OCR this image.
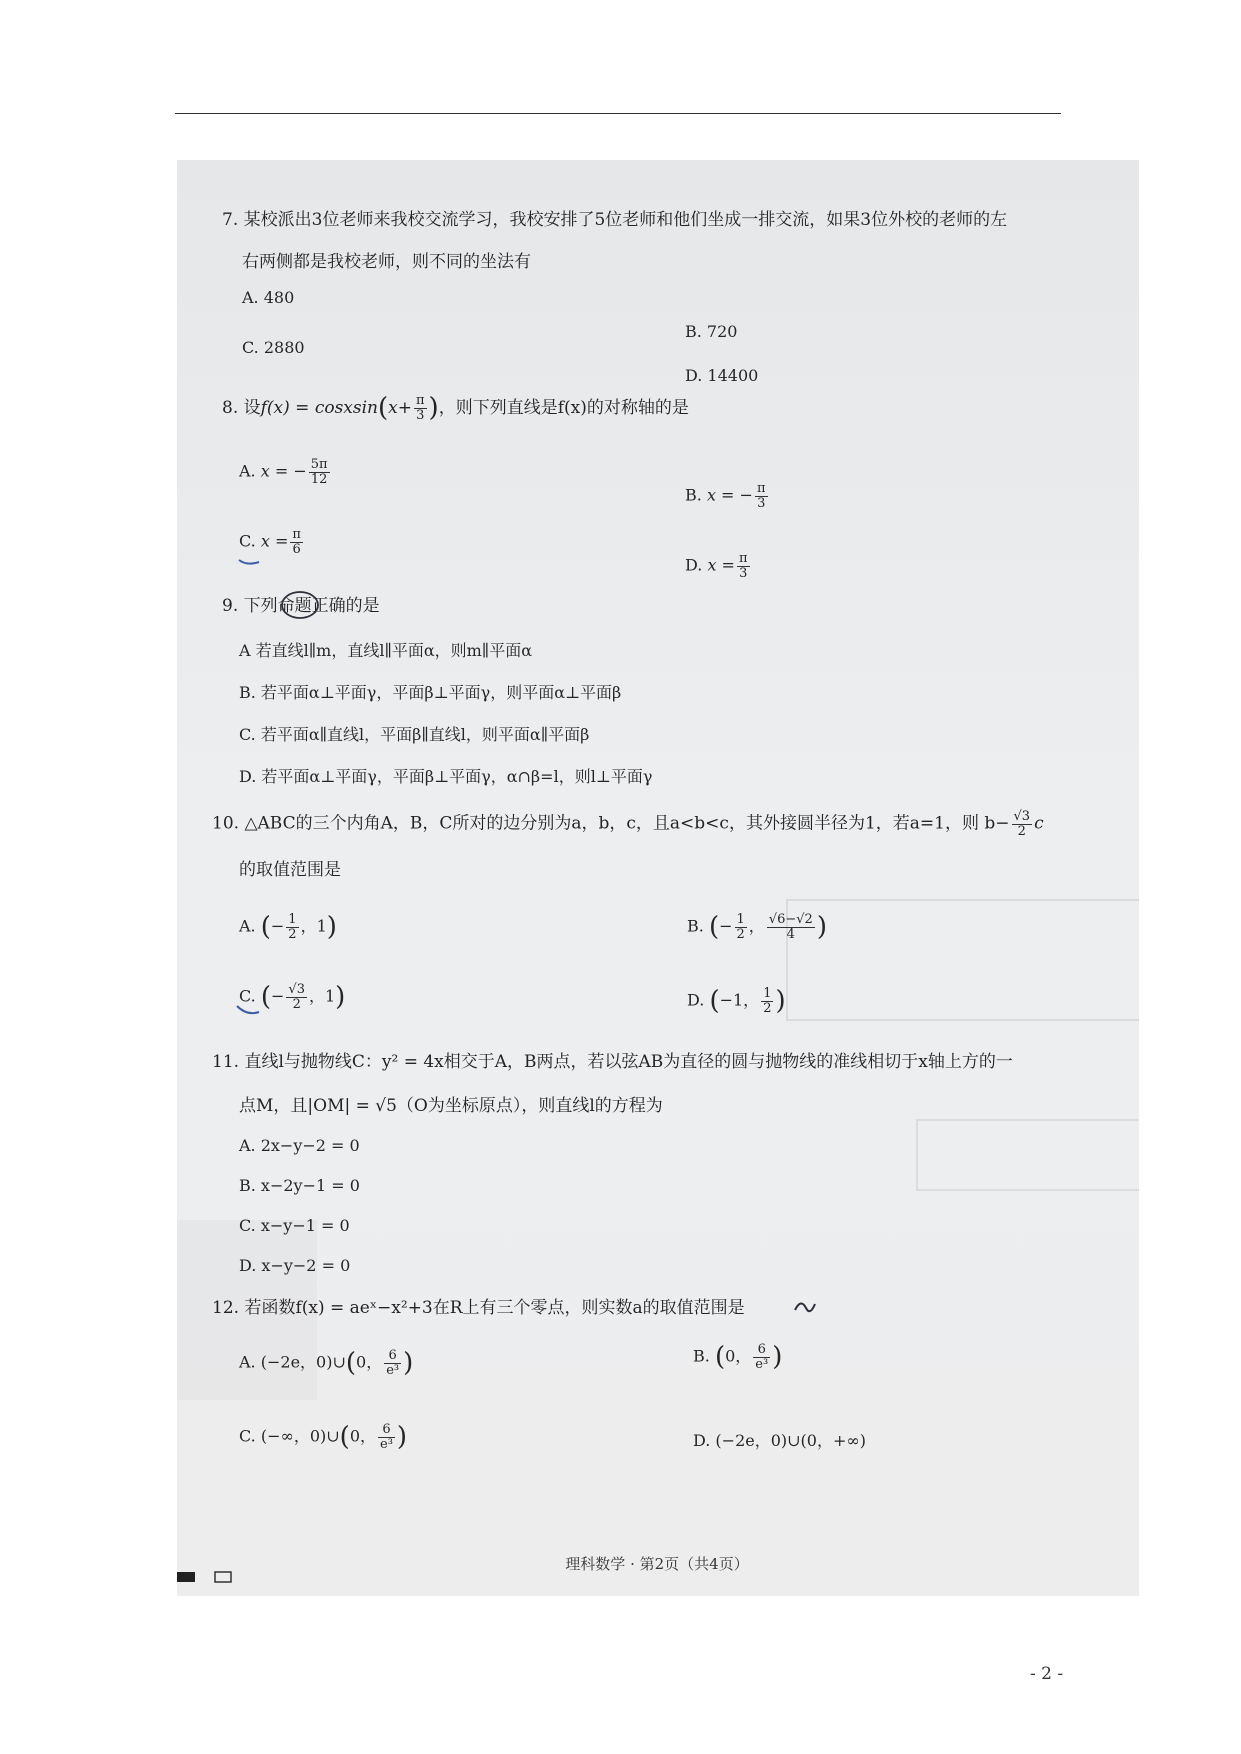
7. 某校派出3位老师来我校交流学习，我校安排了5位老师和他们坐成一排交流，如果3位外校的老师的左
右两侧都是我校老师，则不同的坐法有
A. 480
B. 720
C. 2880
D. 14400
8. 设f(x) = cosxsin(x+ $\frac{\pi}{3}$ )，则下列直线是f(x)的对称轴的是
A. x = − $\frac{5\pi}{12}$
B. x = − $\frac{\pi}{3}$
C. $x = \frac{\pi}{6}$
D. $x = \frac{\pi}{3}$
9. 下列命题正确的是
A 若直线l∥m，直线l∥平面α，则m∥平面α
B. 若平面α⊥平面γ，平面β⊥平面γ，则平面α⊥平面β
C. 若平面α∥直线l，平面β∥直线l，则平面α∥平面β
D. 若平面α⊥平面γ，平面β⊥平面γ，α∩β=l，则l⊥平面γ
10. △ABC的三个内角A，B，C所对的边分别为a，b，c，且a<b<c，其外接圆半径为1，若a=1，则 $b- \frac{√3}{2}$ c
的取值范围是
A. (− $\frac{1}{2}$ ，1)	B. (− $\frac{1}{2}$ ， $\frac{√6-√2}{4}$ )
C. (− $\frac{√3}{2}$ ，1)	D. (−1， $\frac{1}{2}$ )
11. 直线l与抛物线C：y² = 4x相交于A，B两点，若以弦AB为直径的圆与抛物线的准线相切于x轴上方的一
点M，且|OM| = √5（O为坐标原点），则直线l的方程为
A. 2x−y−2 = 0
B. x−2y−1 = 0
C. x−y−1 = 0
D. x−y−2 = 0
12. 若函数f(x) = aeˣ−x²+3在R上有三个零点，则实数a的取值范围是
A. (−2e，0)∪(0， $\frac{6}{\text{e³}}$ )	B. (0， $\frac{6}{\text{e³}}$ )
C. (−∞，0)∪(0， $\frac{6}{\text{e³}}$ )	D. (−2e，0)∪(0，+∞)
理科数学 · 第2页（共4页）
- 2 -
